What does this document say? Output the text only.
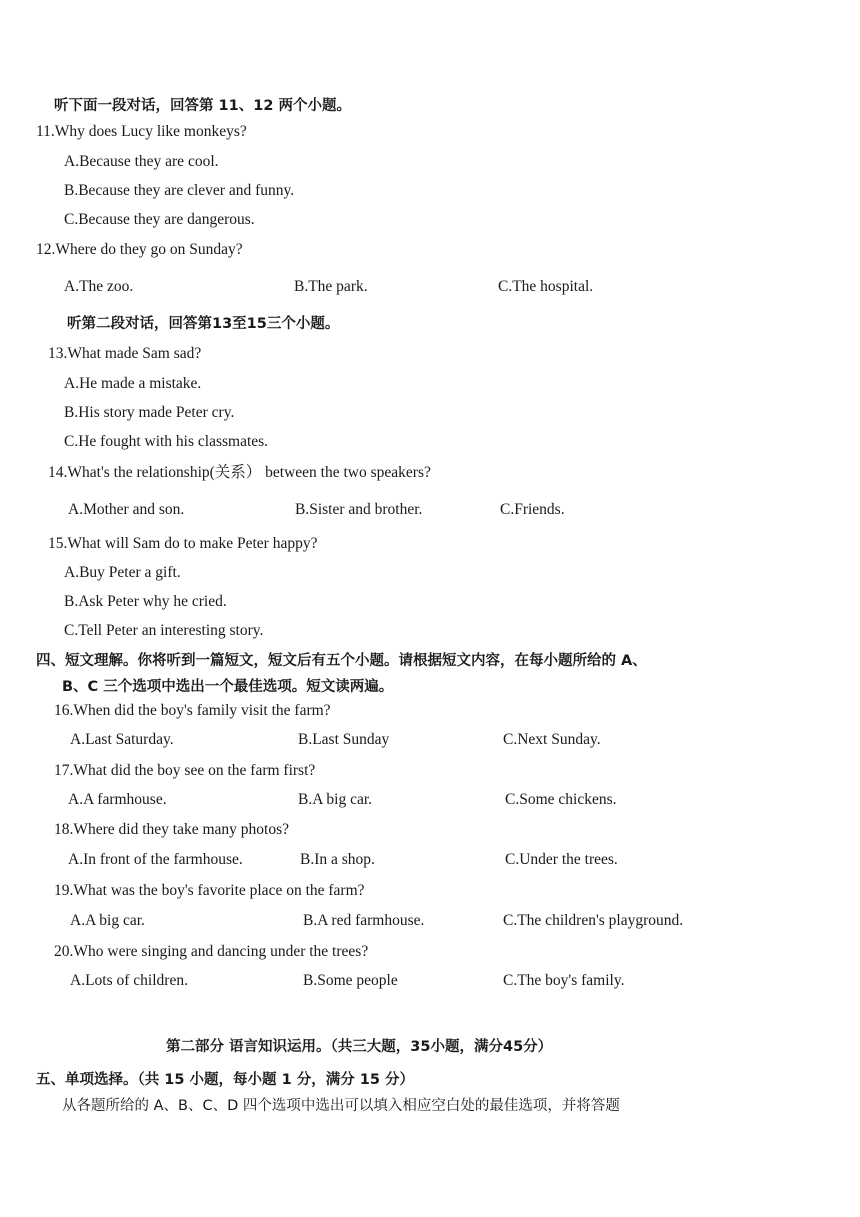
听下面一段对话，回答第 11、12 两个小题。
11.Why does Lucy like monkeys?
A.Because they are cool.
B.Because they are clever and funny.
C.Because they are dangerous.
12.Where do they go on Sunday?
A.The zoo.	B.The park.	C.The hospital.
听第二段对话，回答第13至15三个小题。
13.What made Sam sad?
A.He made a mistake.
B.His story made Peter cry.
C.He fought with his classmates.
14.What's the relationship(关系） between the two speakers?
A.Mother and son.	B.Sister and brother.	C.Friends.
15.What will Sam do to make Peter happy?
A.Buy Peter a gift.
B.Ask Peter why he cried.
C.Tell Peter an interesting story.
四、短文理解。你将听到一篇短文，短文后有五个小题。请根据短文内容，在每小题所给的 A、
B、C 三个选项中选出一个最佳选项。短文读两遍。
16.When did the boy's family visit the farm?
A.Last Saturday.	B.Last Sunday	C.Next Sunday.
17.What did the boy see on the farm first?
A.A farmhouse.	B.A big car.	C.Some chickens.
18.Where did they take many photos?
A.In front of the farmhouse.	B.In a shop.	C.Under the trees.
19.What was the boy's favorite place on the farm?
A.A big car.	B.A red farmhouse.	C.The children's playground.
20.Who were singing and dancing under the trees?
A.Lots of children.	B.Some people	C.The boy's family.
第二部分 语言知识运用。（共三大题，35小题，满分45分）
五、单项选择。（共 15 小题，每小题 1 分，满分 15 分）
从各题所给的 A、B、C、D 四个选项中选出可以填入相应空白处的最佳选项，并将答题
